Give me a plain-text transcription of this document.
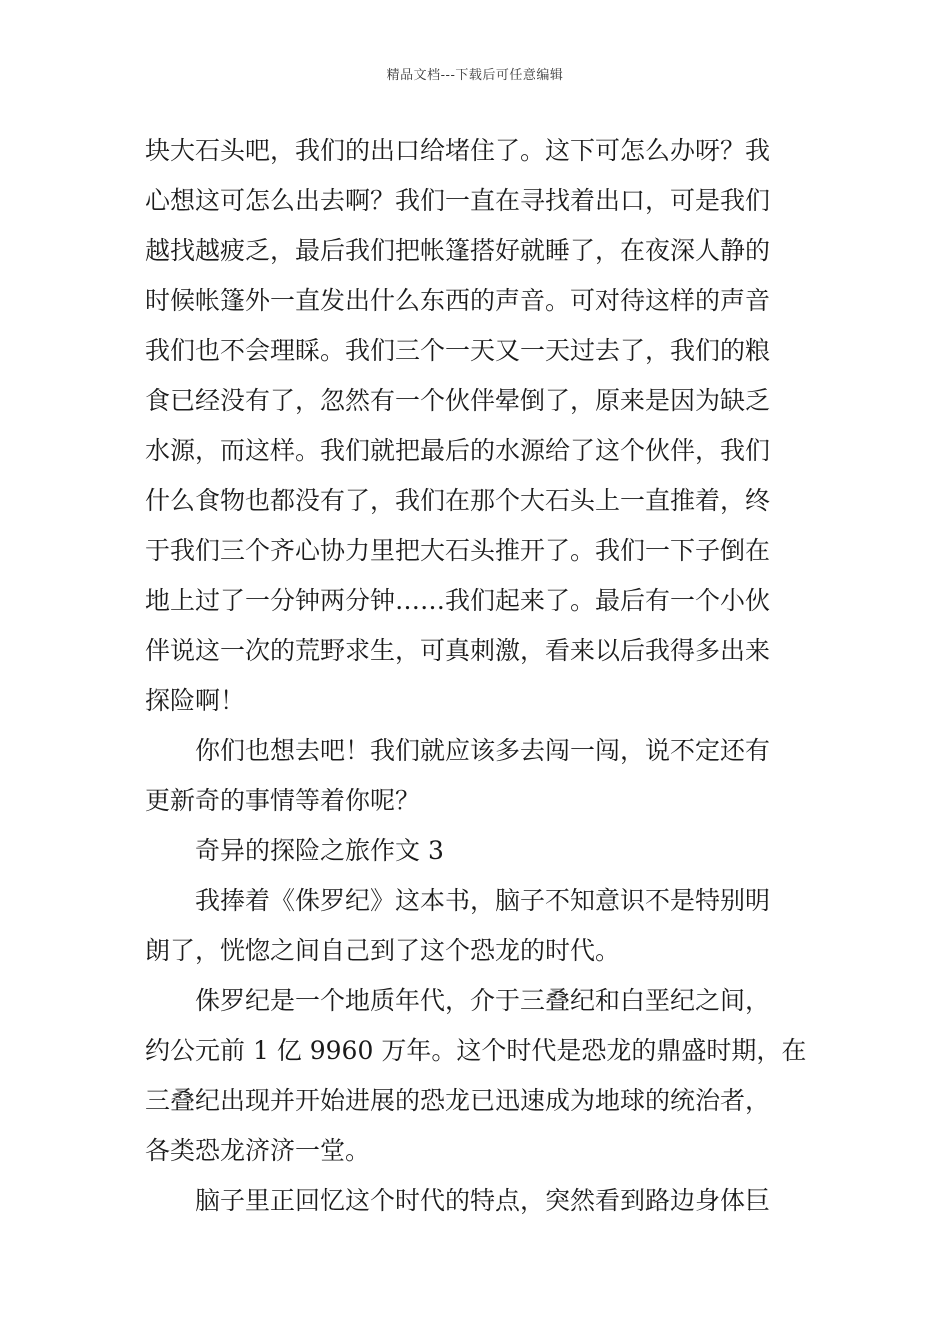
精品文档---下载后可任意编辑
块大石头吧，我们的出口给堵住了。这下可怎么办呀？我
心想这可怎么出去啊？我们一直在寻找着出口，可是我们
越找越疲乏，最后我们把帐篷搭好就睡了，在夜深人静的
时候帐篷外一直发出什么东西的声音。可对待这样的声音
我们也不会理睬。我们三个一天又一天过去了，我们的粮
食已经没有了，忽然有一个伙伴晕倒了，原来是因为缺乏
水源，而这样。我们就把最后的水源给了这个伙伴，我们
什么食物也都没有了，我们在那个大石头上一直推着，终
于我们三个齐心协力里把大石头推开了。我们一下子倒在
地上过了一分钟两分钟……我们起来了。最后有一个小伙
伴说这一次的荒野求生，可真刺激，看来以后我得多出来
探险啊！
　　你们也想去吧！我们就应该多去闯一闯，说不定还有
更新奇的事情等着你呢？
　　奇异的探险之旅作文 3
　　我捧着《侏罗纪》这本书，脑子不知意识不是特别明
朗了，恍惚之间自己到了这个恐龙的时代。
　　侏罗纪是一个地质年代，介于三叠纪和白垩纪之间，
约公元前 1 亿 9960 万年。这个时代是恐龙的鼎盛时期，在
三叠纪出现并开始进展的恐龙已迅速成为地球的统治者，
各类恐龙济济一堂。
　　脑子里正回忆这个时代的特点，突然看到路边身体巨
